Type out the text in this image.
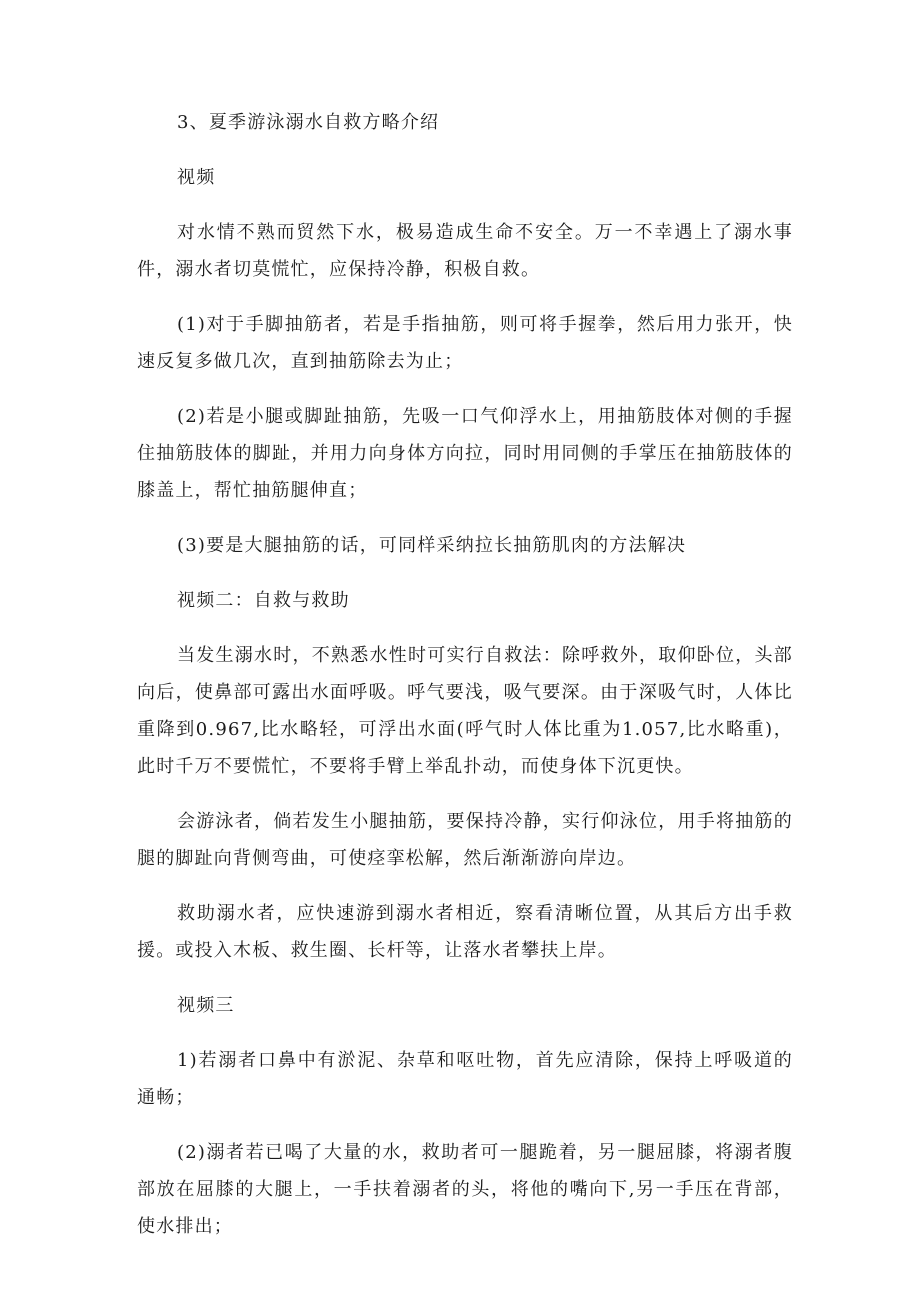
3、夏季游泳溺水自救方略介绍

视频

对水情不熟而贸然下水，极易造成生命不安全。万一不幸遇上了溺水事件，溺水者切莫慌忙，应保持冷静，积极自救。

(1)对于手脚抽筋者，若是手指抽筋，则可将手握拳，然后用力张开，快速反复多做几次，直到抽筋除去为止；

(2)若是小腿或脚趾抽筋，先吸一口气仰浮水上，用抽筋肢体对侧的手握住抽筋肢体的脚趾，并用力向身体方向拉，同时用同侧的手掌压在抽筋肢体的膝盖上，帮忙抽筋腿伸直；

(3)要是大腿抽筋的话，可同样采纳拉长抽筋肌肉的方法解决

视频二：自救与救助

当发生溺水时，不熟悉水性时可实行自救法：除呼救外，取仰卧位，头部向后，使鼻部可露出水面呼吸。呼气要浅，吸气要深。由于深吸气时，人体比重降到0.967,比水略轻，可浮出水面(呼气时人体比重为1.057,比水略重)，此时千万不要慌忙，不要将手臂上举乱扑动，而使身体下沉更快。

会游泳者，倘若发生小腿抽筋，要保持冷静，实行仰泳位，用手将抽筋的腿的脚趾向背侧弯曲，可使痉挛松解，然后渐渐游向岸边。

救助溺水者，应快速游到溺水者相近，察看清晰位置，从其后方出手救援。或投入木板、救生圈、长杆等，让落水者攀扶上岸。

视频三

1)若溺者口鼻中有淤泥、杂草和呕吐物，首先应清除，保持上呼吸道的通畅；

(2)溺者若已喝了大量的水，救助者可一腿跪着，另一腿屈膝，将溺者腹部放在屈膝的大腿上，一手扶着溺者的头，将他的嘴向下,另一手压在背部，使水排出；
